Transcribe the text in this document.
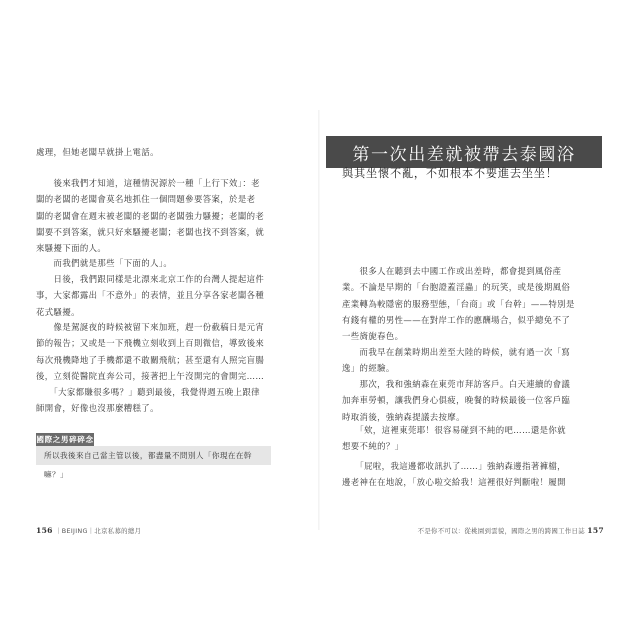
處理，但她老闆早就掛上電話。

　　後來我們才知道，這種情況源於一種「上行下效」：老
闆的老闆的老闆會莫名地抓住一個問題參要答案，於是老
闆的老闆會在週末被老闆的老闆的老闆強力騷擾；老闆的老
闆要不到答案，就只好來騷擾老闆；老闆也找不到答案，就
來騷擾下面的人。

　　而我們就是那些「下面的人」。

　　日後，我們跟同樣是北漂來北京工作的台灣人提起這件
事，大家都露出「不意外」的表情，並且分享各家老闆各種
花式騷擾。

　　像是駕誕夜的時候被留下來加班，趕一份截稿日是元宵
節的報告；又或是一下飛機立刻收到上百則微信，導致後來
每次飛機降地了手機都還不敢關飛航；甚至還有人照完盲腸
後，立刻從醫院直奔公司，接著把上午沒開完的會開完……

　　「大家都賺很多嗎？」聽到最後，我覺得週五晚上跟律
師開會，好像也沒那麼糟糕了。

國際之男碎碎念
所以我後來自己當主管以後，都盡量不問別人「你現在在幹嘛？」
156 ｜BEIJING｜北京私募的總月
第一次出差就被帶去泰國浴
與其坐懷不亂，不如根本不要進去坐坐！

　　很多人在聽到去中國工作或出差時，都會提到風俗產
業。不論是早期的「台胞證蓋淫蟲」的玩笑，或是後期風俗
產業轉為較隱密的服務型態，「台商」或「台幹」——特別是
有錢有權的男性——在對岸工作的應酬場合，似乎總免不了
一些旖旎春色。

　　而我早在創業時期出差至大陸的時候，就有過一次「寫
逸」的經驗。

　　那次，我和強納森在東莞市拜訪客戶。白天連續的會議
加奔車勞頓，讓我們身心俱疲，晚餐的時候最後一位客戶臨
時取消後，強納森提議去按摩。

　　「欸，這裡東莞耶！很容易碰到不純的吧……還是你就
想要不純的？」

　　「屁啦，我這邊都收訊扒了……」強納森邊指著褲檔，
邊老神在在地說，「放心啦交給我！這裡很好判斷啦！履開

不是你不可以：從桃園到雲貌，國際之男的跨國工作日誌 157
